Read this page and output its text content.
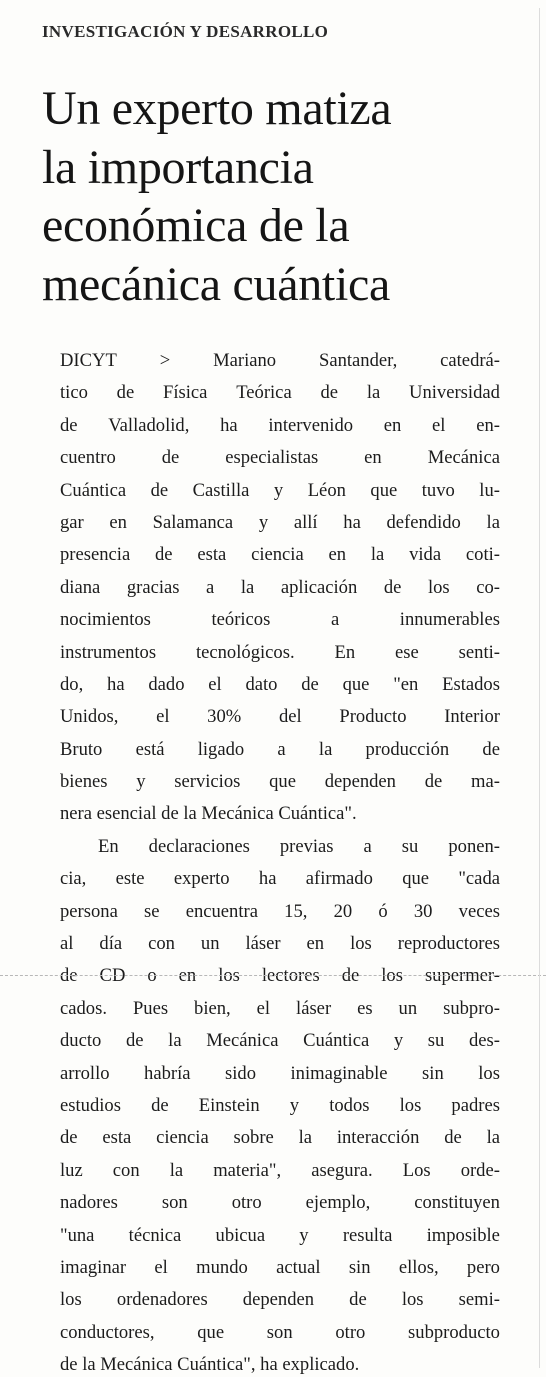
INVESTIGACIÓN Y DESARROLLO
Un experto matiza
la importancia
económica de la
mecánica cuántica
DICYT > Mariano Santander, catedrá-
tico de Física Teórica de la Universidad
de Valladolid, ha intervenido en el en-
cuentro de especialistas en Mecánica
Cuántica de Castilla y Léon que tuvo lu-
gar en Salamanca y allí ha defendido la
presencia de esta ciencia en la vida coti-
diana gracias a la aplicación de los co-
nocimientos	teóricos	a	innumerables
instrumentos tecnológicos. En ese senti-
do, ha dado el dato de que "en Estados
Unidos, el 30% del Producto Interior
Bruto está ligado a la producción de
bienes y servicios que dependen de ma-
nera esencial de la Mecánica Cuántica".
En declaraciones previas a su ponen-
cia, este experto ha afirmado que "cada
persona se encuentra 15, 20 ó 30 veces
al día con un láser en los reproductores
de CD o en los lectores de los supermer-
cados. Pues bien, el láser es un subpro-
ducto de la Mecánica Cuántica y su des-
arrollo habría sido inimaginable sin los
estudios de Einstein y todos los padres
de esta ciencia sobre la interacción de la
luz con la materia", asegura. Los orde-
nadores son otro ejemplo, constituyen
"una técnica ubicua y resulta imposible
imaginar el mundo actual sin ellos, pero
los ordenadores dependen de los semi-
conductores, que son otro subproducto
de la Mecánica Cuántica", ha explicado.
